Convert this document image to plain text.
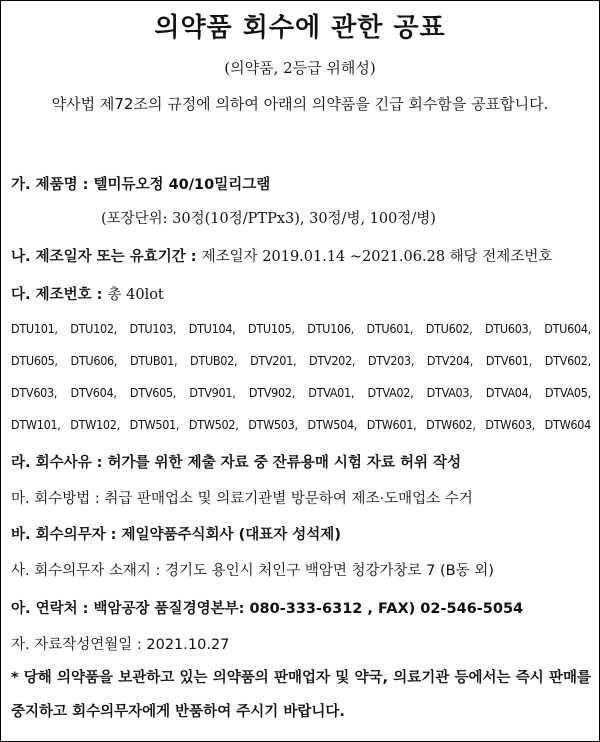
의약품 회수에 관한 공표
(의약품, 2등급 위해성)
약사법 제72조의 규정에 의하여 아래의 의약품을 긴급 회수함을 공표합니다.
가. 제품명 : 텔미듀오정 40/10밀리그램
(포장단위: 30정(10정/PTPx3), 30정/병, 100정/병)
나. 제조일자 또는 유효기간 : 제조일자 2019.01.14 ~2021.06.28 해당 전제조번호
다. 제조번호 : 총 40lot
DTU101, DTU102, DTU103, DTU104, DTU105, DTU106, DTU601, DTU602, DTU603, DTU604,
DTU605, DTU606, DTUB01, DTUB02, DTV201, DTV202, DTV203, DTV204, DTV601, DTV602,
DTV603, DTV604, DTV605, DTV901, DTV902, DTVA01, DTVA02, DTVA03, DTVA04, DTVA05,
DTW101, DTW102, DTW501, DTW502, DTW503, DTW504, DTW601, DTW602, DTW603, DTW604
라. 회수사유 : 허가를 위한 제출 자료 중 잔류용매 시험 자료 허위 작성
마. 회수방법 : 취급 판매업소 및 의료기관별 방문하여 제조·도매업소 수거
바. 회수의무자 : 제일약품주식회사 (대표자 성석제)
사. 회수의무자 소재지 : 경기도 용인시 처인구 백암면 청강가창로 7 (B동 외)
아. 연락처 : 백암공장 품질경영본부: 080-333-6312 , FAX) 02-546-5054
자. 자료작성연월일 : 2021.10.27
* 당해 의약품을 보관하고 있는 의약품의 판매업자 및 약국, 의료기관 등에서는 즉시 판매를 중지하고 회수의무자에게 반품하여 주시기 바랍니다.
